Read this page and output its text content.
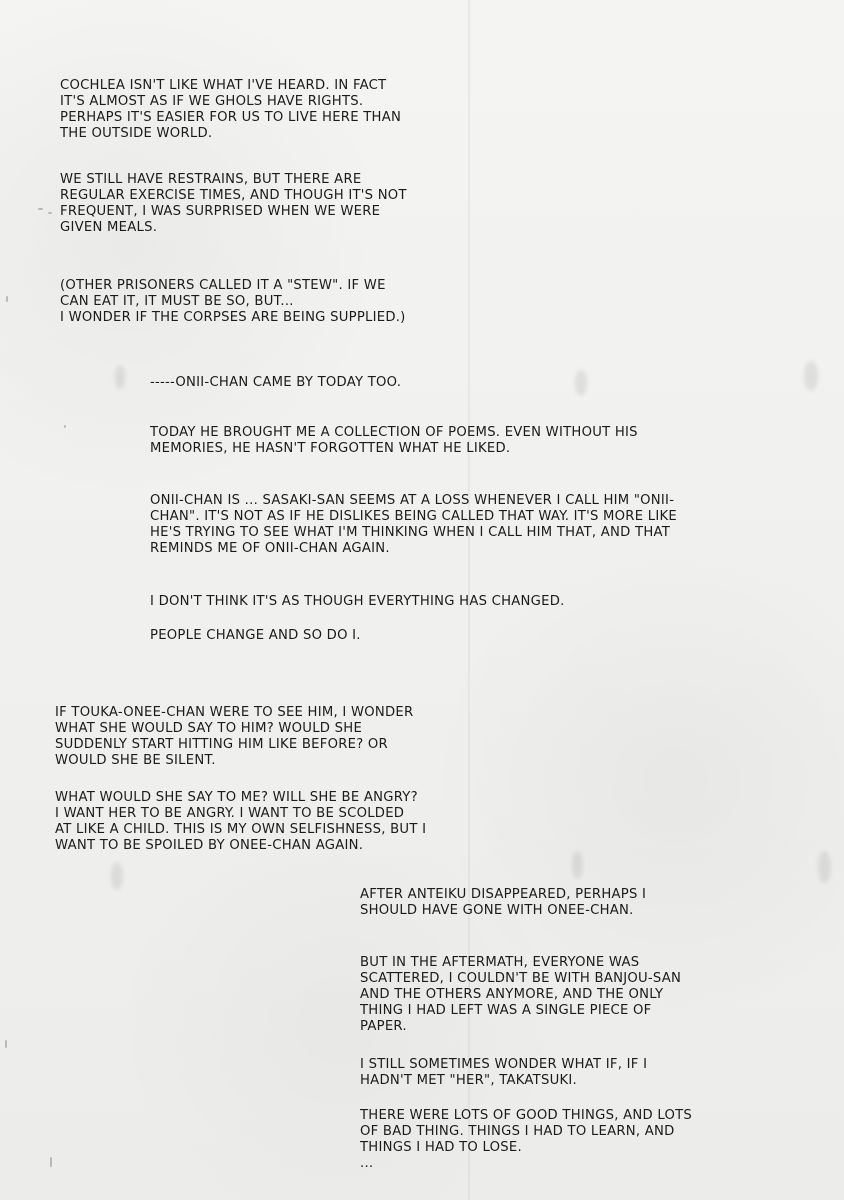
COCHLEA ISN'T LIKE WHAT I'VE HEARD. IN FACT
IT'S ALMOST AS IF WE GHOLS HAVE RIGHTS.
PERHAPS IT'S EASIER FOR US TO LIVE HERE THAN
THE OUTSIDE WORLD.
WE STILL HAVE RESTRAINS, BUT THERE ARE
REGULAR EXERCISE TIMES, AND THOUGH IT'S NOT
FREQUENT, I WAS SURPRISED WHEN WE WERE
GIVEN MEALS.
(OTHER PRISONERS CALLED IT A "STEW". IF WE
CAN EAT IT, IT MUST BE SO, BUT...
I WONDER IF THE CORPSES ARE BEING SUPPLIED.)
-----ONII-CHAN CAME BY TODAY TOO.
TODAY HE BROUGHT ME A COLLECTION OF POEMS. EVEN WITHOUT HIS
MEMORIES, HE HASN'T FORGOTTEN WHAT HE LIKED.
ONII-CHAN IS ... SASAKI-SAN SEEMS AT A LOSS WHENEVER I CALL HIM "ONII-
CHAN". IT'S NOT AS IF HE DISLIKES BEING CALLED THAT WAY. IT'S MORE LIKE
HE'S TRYING TO SEE WHAT I'M THINKING WHEN I CALL HIM THAT, AND THAT
REMINDS ME OF ONII-CHAN AGAIN.
I DON'T THINK IT'S AS THOUGH EVERYTHING HAS CHANGED.
PEOPLE CHANGE AND SO DO I.
IF TOUKA-ONEE-CHAN WERE TO SEE HIM, I WONDER
WHAT SHE WOULD SAY TO HIM? WOULD SHE
SUDDENLY START HITTING HIM LIKE BEFORE? OR
WOULD SHE BE SILENT.
WHAT WOULD SHE SAY TO ME? WILL SHE BE ANGRY?
I WANT HER TO BE ANGRY. I WANT TO BE SCOLDED
AT LIKE A CHILD. THIS IS MY OWN SELFISHNESS, BUT I
WANT TO BE SPOILED BY ONEE-CHAN AGAIN.
AFTER ANTEIKU DISAPPEARED, PERHAPS I
SHOULD HAVE GONE WITH ONEE-CHAN.
BUT IN THE AFTERMATH, EVERYONE WAS
SCATTERED, I COULDN'T BE WITH BANJOU-SAN
AND THE OTHERS ANYMORE, AND THE ONLY
THING I HAD LEFT WAS A SINGLE PIECE OF
PAPER.
I STILL SOMETIMES WONDER WHAT IF, IF I
HADN'T MET "HER", TAKATSUKI.
THERE WERE LOTS OF GOOD THINGS, AND LOTS
OF BAD THING. THINGS I HAD TO LEARN, AND
THINGS I HAD TO LOSE.
...
